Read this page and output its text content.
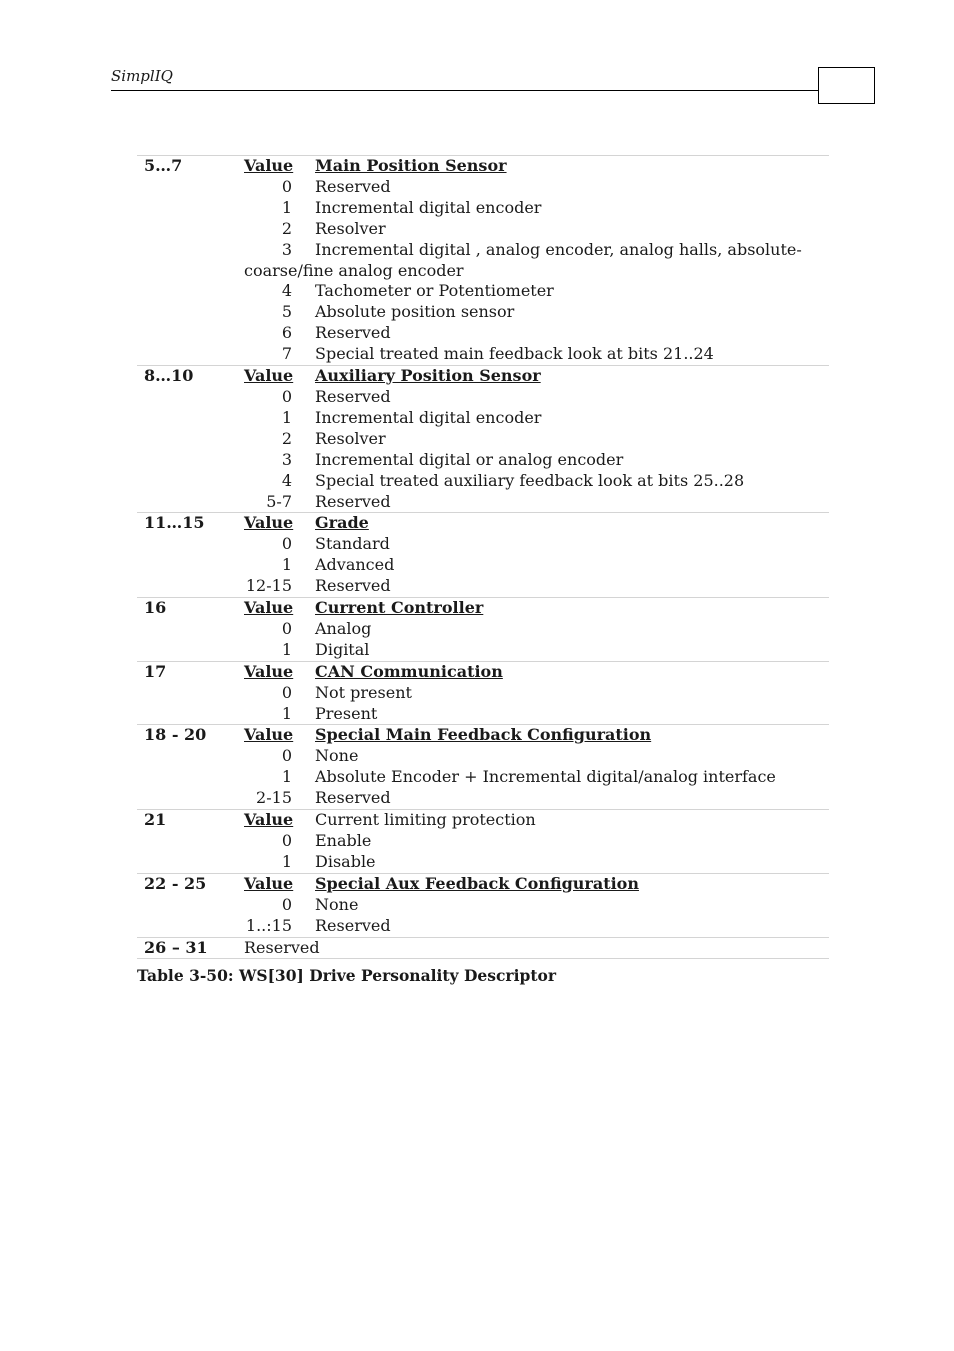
SimplIQ
5…7	Value	Main Position Sensor
	0	Reserved
	1	Incremental digital encoder
	2	Resolver
	3	Incremental digital , analog encoder, analog halls, absolute-
	coarse/fine analog encoder	
	4	Tachometer or Potentiometer
	5	Absolute position sensor
	6	Reserved
	7	Special treated main feedback look at bits 21..24
8…10	Value	Auxiliary Position Sensor
	0	Reserved
	1	Incremental digital encoder
	2	Resolver
	3	Incremental digital or analog encoder
	4	Special treated auxiliary feedback look at bits 25..28
	5-7	Reserved
11…15	Value	Grade
	0	Standard
	1	Advanced
	12-15	Reserved
16	Value	Current Controller
	0	Analog
	1	Digital
17	Value	CAN Communication
	0	Not present
	1	Present
18 - 20	Value	Special Main Feedback Configuration
	0	None
	1	Absolute Encoder + Incremental digital/analog interface
	2-15	Reserved
21	Value	Current limiting protection
	0	Enable
	1	Disable
22 - 25	Value	Special Aux Feedback Configuration
	0	None
	1..:15	Reserved
26 – 31	Reserved	
Table 3-50: WS[30] Drive Personality Descriptor
